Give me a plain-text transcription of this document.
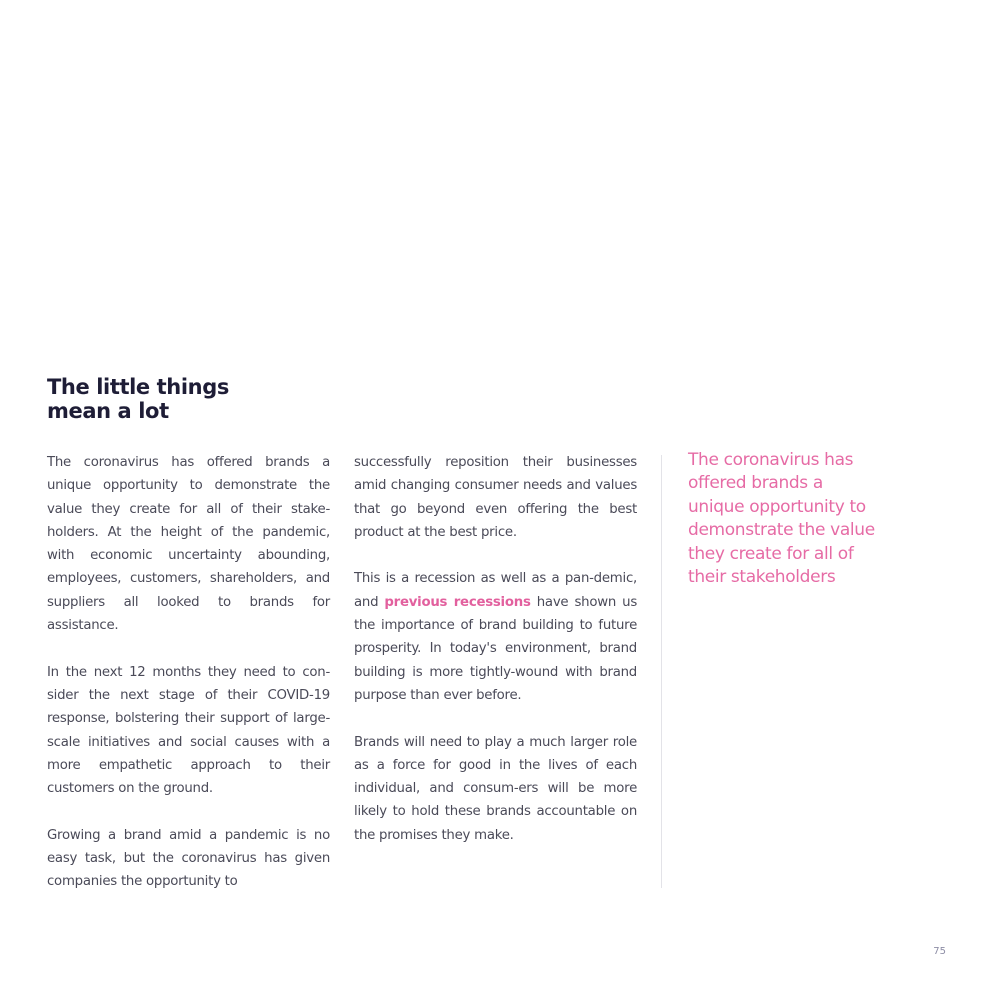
The little things
mean a lot

The coronavirus has offered brands a unique opportunity to demonstrate the value they create for all of their stake-holders. At the height of the pandemic, with economic uncertainty abounding, employees, customers, shareholders, and suppliers all looked to brands for assistance.

In the next 12 months they need to con-sider the next stage of their COVID-19 response, bolstering their support of large-scale initiatives and social causes with a more empathetic approach to their customers on the ground.

Growing a brand amid a pandemic is no easy task, but the coronavirus has given companies the opportunity to

successfully reposition their businesses amid changing consumer needs and values that go beyond even offering the best product at the best price.

This is a recession as well as a pan-demic, and previous recessions have shown us the importance of brand building to future prosperity. In today's environment, brand building is more tightly-wound with brand purpose than ever before.

Brands will need to play a much larger role as a force for good in the lives of each individual, and consum-ers will be more likely to hold these brands accountable on the promises they make.

The coronavirus has
offered brands a
unique opportunity to
demonstrate the value
they create for all of
their stakeholders
75
